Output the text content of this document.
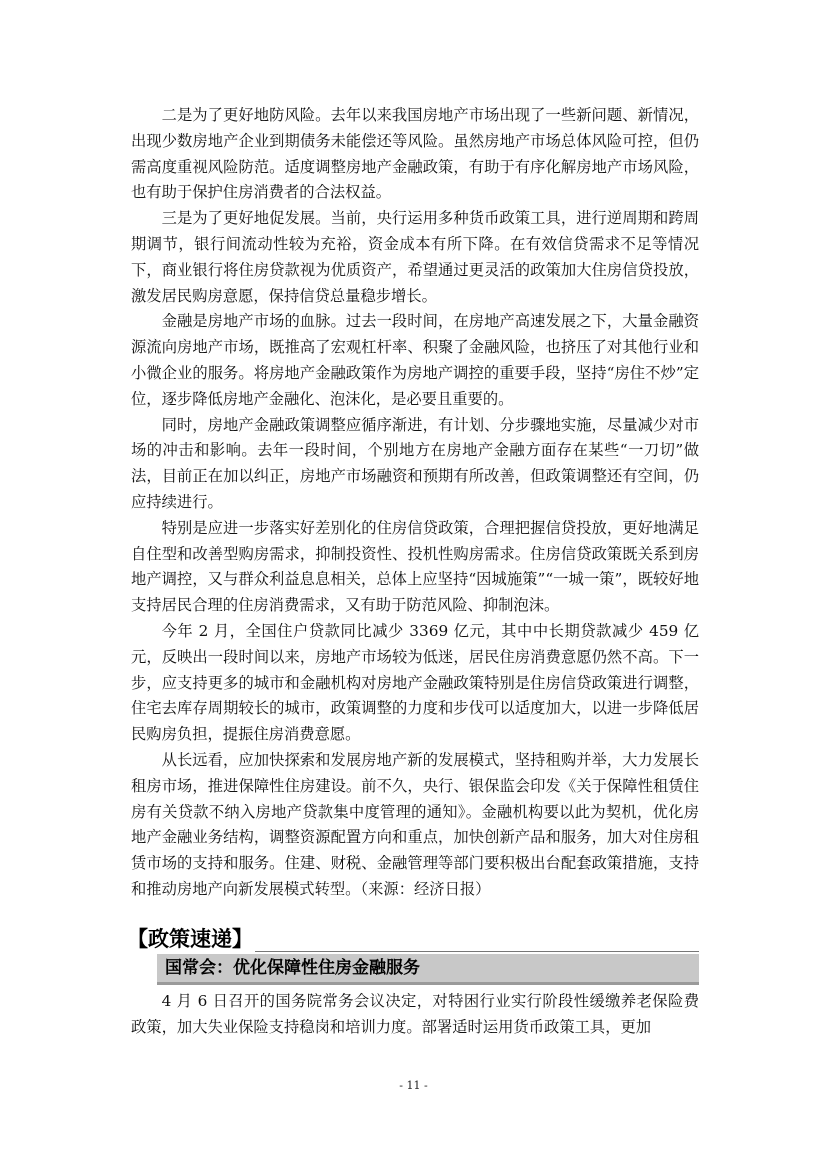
二是为了更好地防风险。去年以来我国房地产市场出现了一些新问题、新情况，出现少数房地产企业到期债务未能偿还等风险。虽然房地产市场总体风险可控，但仍需高度重视风险防范。适度调整房地产金融政策，有助于有序化解房地产市场风险，也有助于保护住房消费者的合法权益。

三是为了更好地促发展。当前，央行运用多种货币政策工具，进行逆周期和跨周期调节，银行间流动性较为充裕，资金成本有所下降。在有效信贷需求不足等情况下，商业银行将住房贷款视为优质资产，希望通过更灵活的政策加大住房信贷投放，激发居民购房意愿，保持信贷总量稳步增长。

金融是房地产市场的血脉。过去一段时间，在房地产高速发展之下，大量金融资源流向房地产市场，既推高了宏观杠杆率、积聚了金融风险，也挤压了对其他行业和小微企业的服务。将房地产金融政策作为房地产调控的重要手段，坚持“房住不炒”定位，逐步降低房地产金融化、泡沫化，是必要且重要的。

同时，房地产金融政策调整应循序渐进，有计划、分步骤地实施，尽量减少对市场的冲击和影响。去年一段时间，个别地方在房地产金融方面存在某些“一刀切”做法，目前正在加以纠正，房地产市场融资和预期有所改善，但政策调整还有空间，仍应持续进行。

特别是应进一步落实好差别化的住房信贷政策，合理把握信贷投放，更好地满足自住型和改善型购房需求，抑制投资性、投机性购房需求。住房信贷政策既关系到房地产调控，又与群众利益息息相关，总体上应坚持“因城施策”“一城一策”，既较好地支持居民合理的住房消费需求，又有助于防范风险、抑制泡沫。

今年 2 月，全国住户贷款同比减少 3369 亿元，其中中长期贷款减少 459 亿元，反映出一段时间以来，房地产市场较为低迷，居民住房消费意愿仍然不高。下一步，应支持更多的城市和金融机构对房地产金融政策特别是住房信贷政策进行调整，住宅去库存周期较长的城市，政策调整的力度和步伐可以适度加大，以进一步降低居民购房负担，提振住房消费意愿。

从长远看，应加快探索和发展房地产新的发展模式，坚持租购并举，大力发展长租房市场，推进保障性住房建设。前不久，央行、银保监会印发《关于保障性租赁住房有关贷款不纳入房地产贷款集中度管理的通知》。金融机构要以此为契机，优化房地产金融业务结构，调整资源配置方向和重点，加快创新产品和服务，加大对住房租赁市场的支持和服务。住建、财税、金融管理等部门要积极出台配套政策措施，支持和推动房地产向新发展模式转型。（来源：经济日报）

【政策速递】
国常会：优化保障性住房金融服务

4 月 6 日召开的国务院常务会议决定，对特困行业实行阶段性缓缴养老保险费政策，加大失业保险支持稳岗和培训力度。部署适时运用货币政策工具，更加

- 11 -
